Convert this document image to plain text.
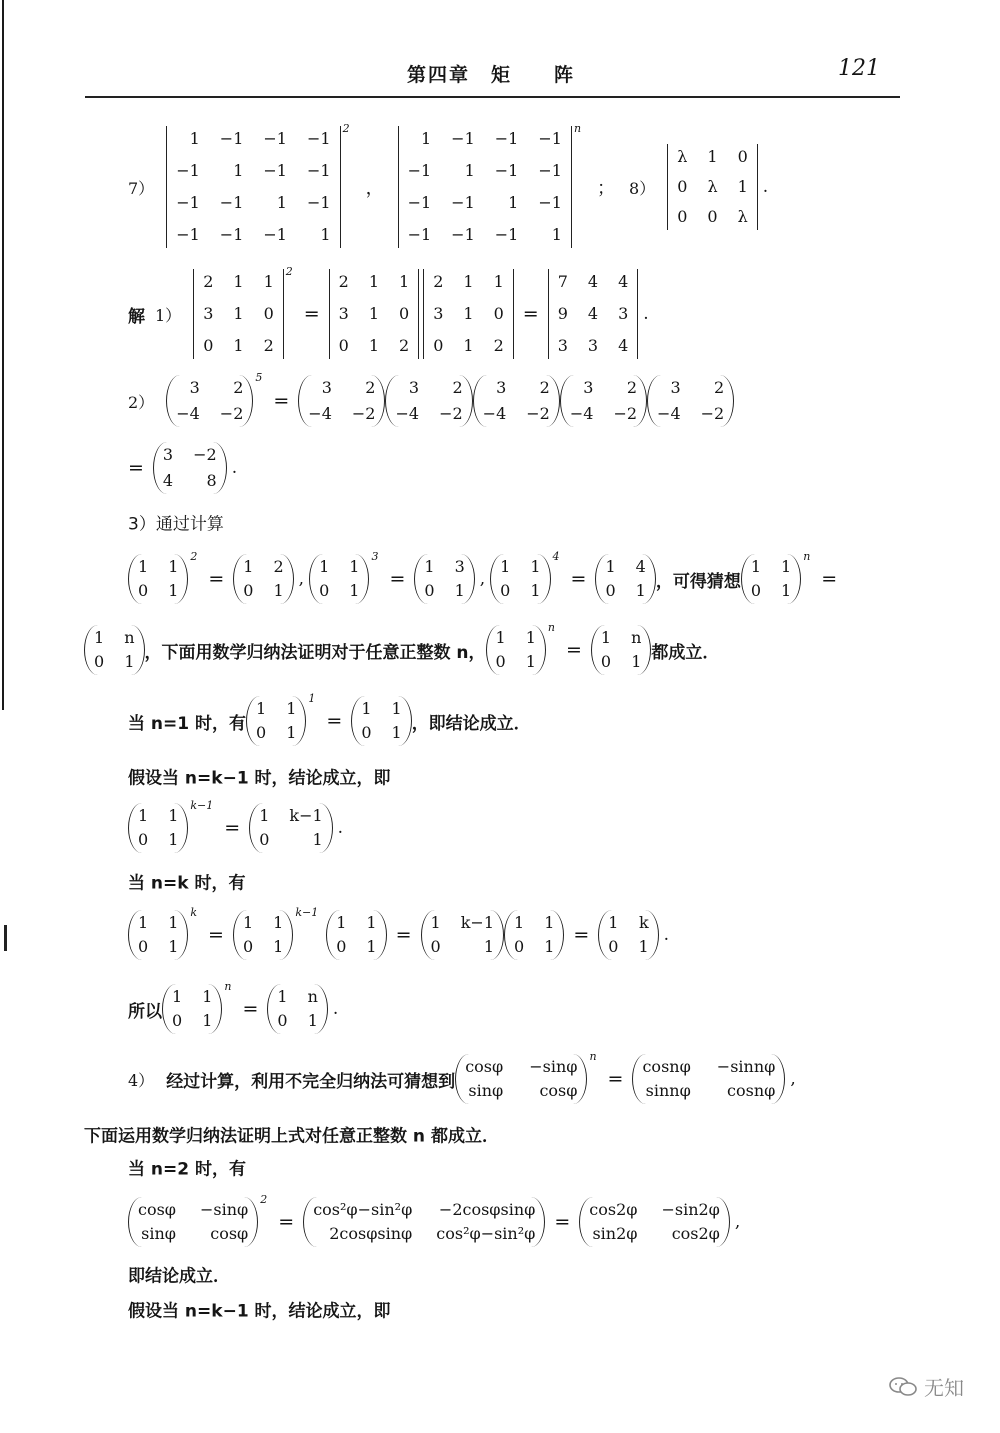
第四章　矩　　阵	121
7）
1 −1 −1 −1
−1 1 −1 −1
−1 −1 1 −1
−1 −1 −1 1
2
，
1 −1 −1 −1
−1 1 −1 −1
−1 −1 1 −1
−1 −1 −1 1
n
； 8）
λ 1 0
0 λ 1
0 0 λ
.
解 1）
2 1 1
3 1 0
0 1 2
2
=
2 1 1
3 1 0
0 1 2
2 1 1
3 1 0
0 1 2
=
7 4 4
9 4 3
3 3 4
.
2）
3 2
−4 −2
5
=
3 2
−4 −2
3 2
−4 −2
3 2
−4 −2
3 2
−4 −2
3 2
−4 −2
=
3 −2
4 8
.
3）通过计算
1 1
0 1
2
=
1 2
0 1
,
1 1
0 1
3
=
1 3
0 1
,
1 1
0 1
4
=
1 4
0 1 ，可得猜想
1 1
0 1
n
=
1 n
0 1 ，下面用数学归纳法证明对于任意正整数 n，
1 1
0 1
n
=
1 n
0 1 都成立．
当 n=1 时，有
1 1
0 1
1
=
1 1
0 1 ，即结论成立．
假设当 n=k−1 时，结论成立，即
1 1
0 1
k−1
=
1 k−1
0	1
.
当 n=k 时，有
1 1
0 1
k
=
1 1
0 1
k−1
1 1
0 1
=
1 k−1
0	1
1 1
0 1
=
1 k
0 1
.
所以
1 1
0 1
n
=
1 n
0 1
.
4） 经过计算，利用不完全归纳法可猜想到
cosφ −sinφ
sinφ cosφ
n
=
cosnφ −sinnφ
sinnφ cosnφ
,
下面运用数学归纳法证明上式对任意正整数 n 都成立．
当 n=2 时，有
cosφ −sinφ
sinφ cosφ
2
=
cos²φ−sin²φ −2cosφsinφ
2cosφsinφ cos²φ−sin²φ
=
cos2φ −sin2φ
sin2φ cos2φ
,
即结论成立．
假设当 n=k−1 时，结论成立，即
无知
